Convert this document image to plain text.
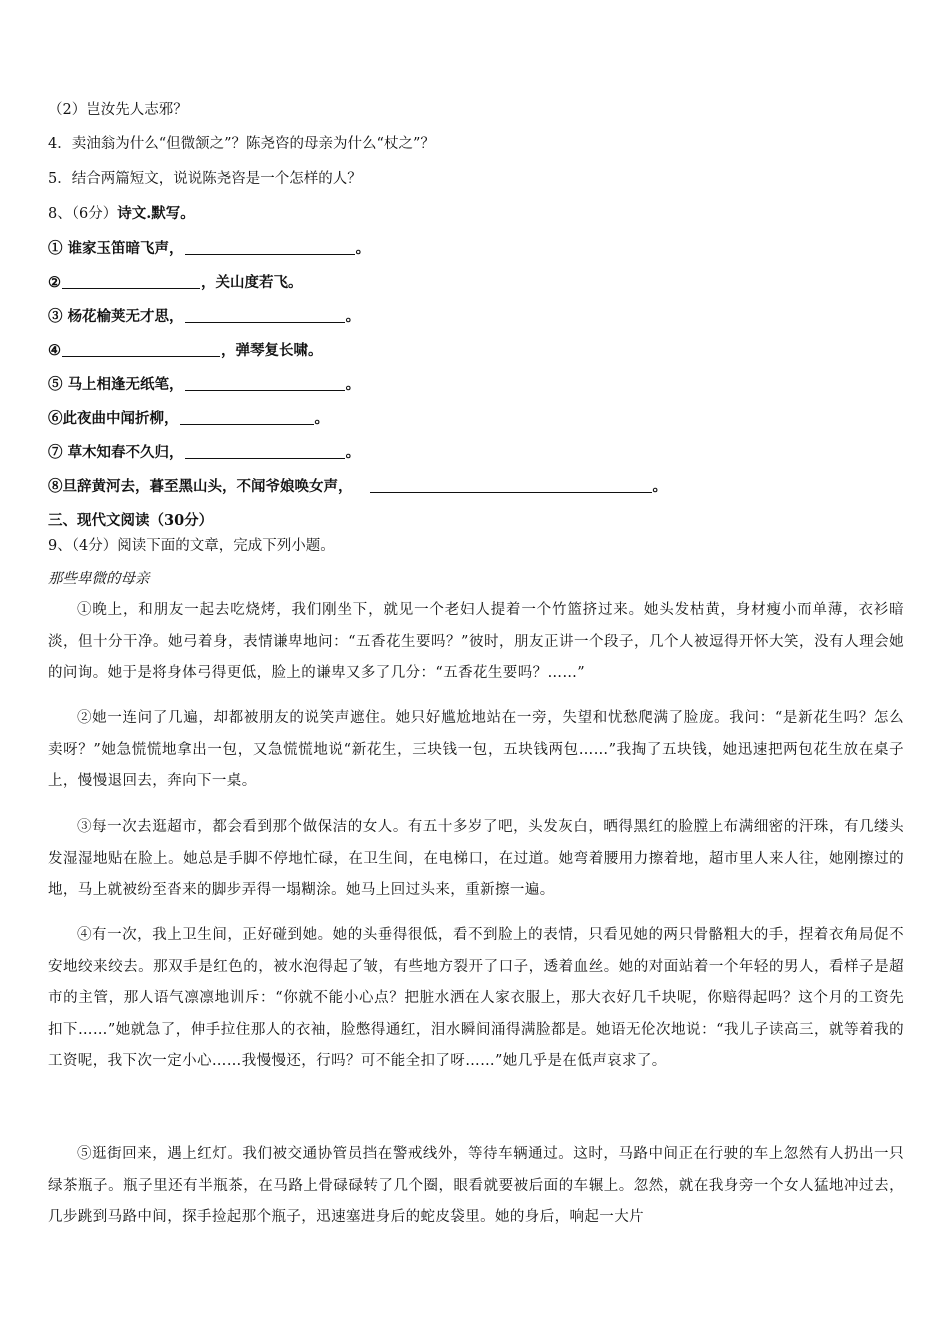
（2）岂汝先人志邪？
4．卖油翁为什么“但微颔之”？陈尧咨的母亲为什么“杖之”？
5．结合两篇短文，说说陈尧咨是一个怎样的人？
8、（6分）诗文.默写。
① 谁家玉笛暗飞声，	。
②	，关山度若飞。
③ 杨花榆荚无才思，	。
④	，弹琴复长啸。
⑤ 马上相逢无纸笔，	。
⑥此夜曲中闻折柳，	。
⑦ 草木知春不久归，	。
⑧旦辞黄河去，暮至黑山头，不闻爷娘唤女声，	。
三、现代文阅读（30分）
9、（4分）阅读下面的文章，完成下列小题。
那些卑微的母亲
①晚上，和朋友一起去吃烧烤，我们刚坐下，就见一个老妇人提着一个竹篮挤过来。她头发枯黄，身材瘦小而单薄，衣衫暗淡，但十分干净。她弓着身，表情谦卑地问：“五香花生要吗？”彼时，朋友正讲一个段子，几个人被逗得开怀大笑，没有人理会她的问询。她于是将身体弓得更低，脸上的谦卑又多了几分：“五香花生要吗？……”
②她一连问了几遍，却都被朋友的说笑声遮住。她只好尴尬地站在一旁，失望和忧愁爬满了脸庞。我问：“是新花生吗？怎么卖呀？”她急慌慌地拿出一包，又急慌慌地说“新花生，三块钱一包，五块钱两包……”我掏了五块钱，她迅速把两包花生放在桌子上，慢慢退回去，奔向下一桌。
③每一次去逛超市，都会看到那个做保洁的女人。有五十多岁了吧，头发灰白，晒得黑红的脸膛上布满细密的汗珠，有几缕头发湿湿地贴在脸上。她总是手脚不停地忙碌，在卫生间，在电梯口，在过道。她弯着腰用力擦着地，超市里人来人往，她刚擦过的地，马上就被纷至沓来的脚步弄得一塌糊涂。她马上回过头来，重新擦一遍。
④有一次，我上卫生间，正好碰到她。她的头垂得很低，看不到脸上的表情，只看见她的两只骨骼粗大的手，捏着衣角局促不安地绞来绞去。那双手是红色的，被水泡得起了皱，有些地方裂开了口子，透着血丝。她的对面站着一个年轻的男人，看样子是超市的主管，那人语气凛凛地训斥：“你就不能小心点？把脏水洒在人家衣服上，那大衣好几千块呢，你赔得起吗？这个月的工资先扣下……”她就急了，伸手拉住那人的衣袖，脸憋得通红，泪水瞬间涌得满脸都是。她语无伦次地说：“我儿子读高三，就等着我的工资呢，我下次一定小心……我慢慢还，行吗？可不能全扣了呀……”她几乎是在低声哀求了。
⑤逛街回来，遇上红灯。我们被交通协管员挡在警戒线外，等待车辆通过。这时，马路中间正在行驶的车上忽然有人扔出一只绿茶瓶子。瓶子里还有半瓶茶，在马路上骨碌碌转了几个圈，眼看就要被后面的车辗上。忽然，就在我身旁一个女人猛地冲过去，几步跳到马路中间，探手捡起那个瓶子，迅速塞进身后的蛇皮袋里。她的身后，响起一大片
